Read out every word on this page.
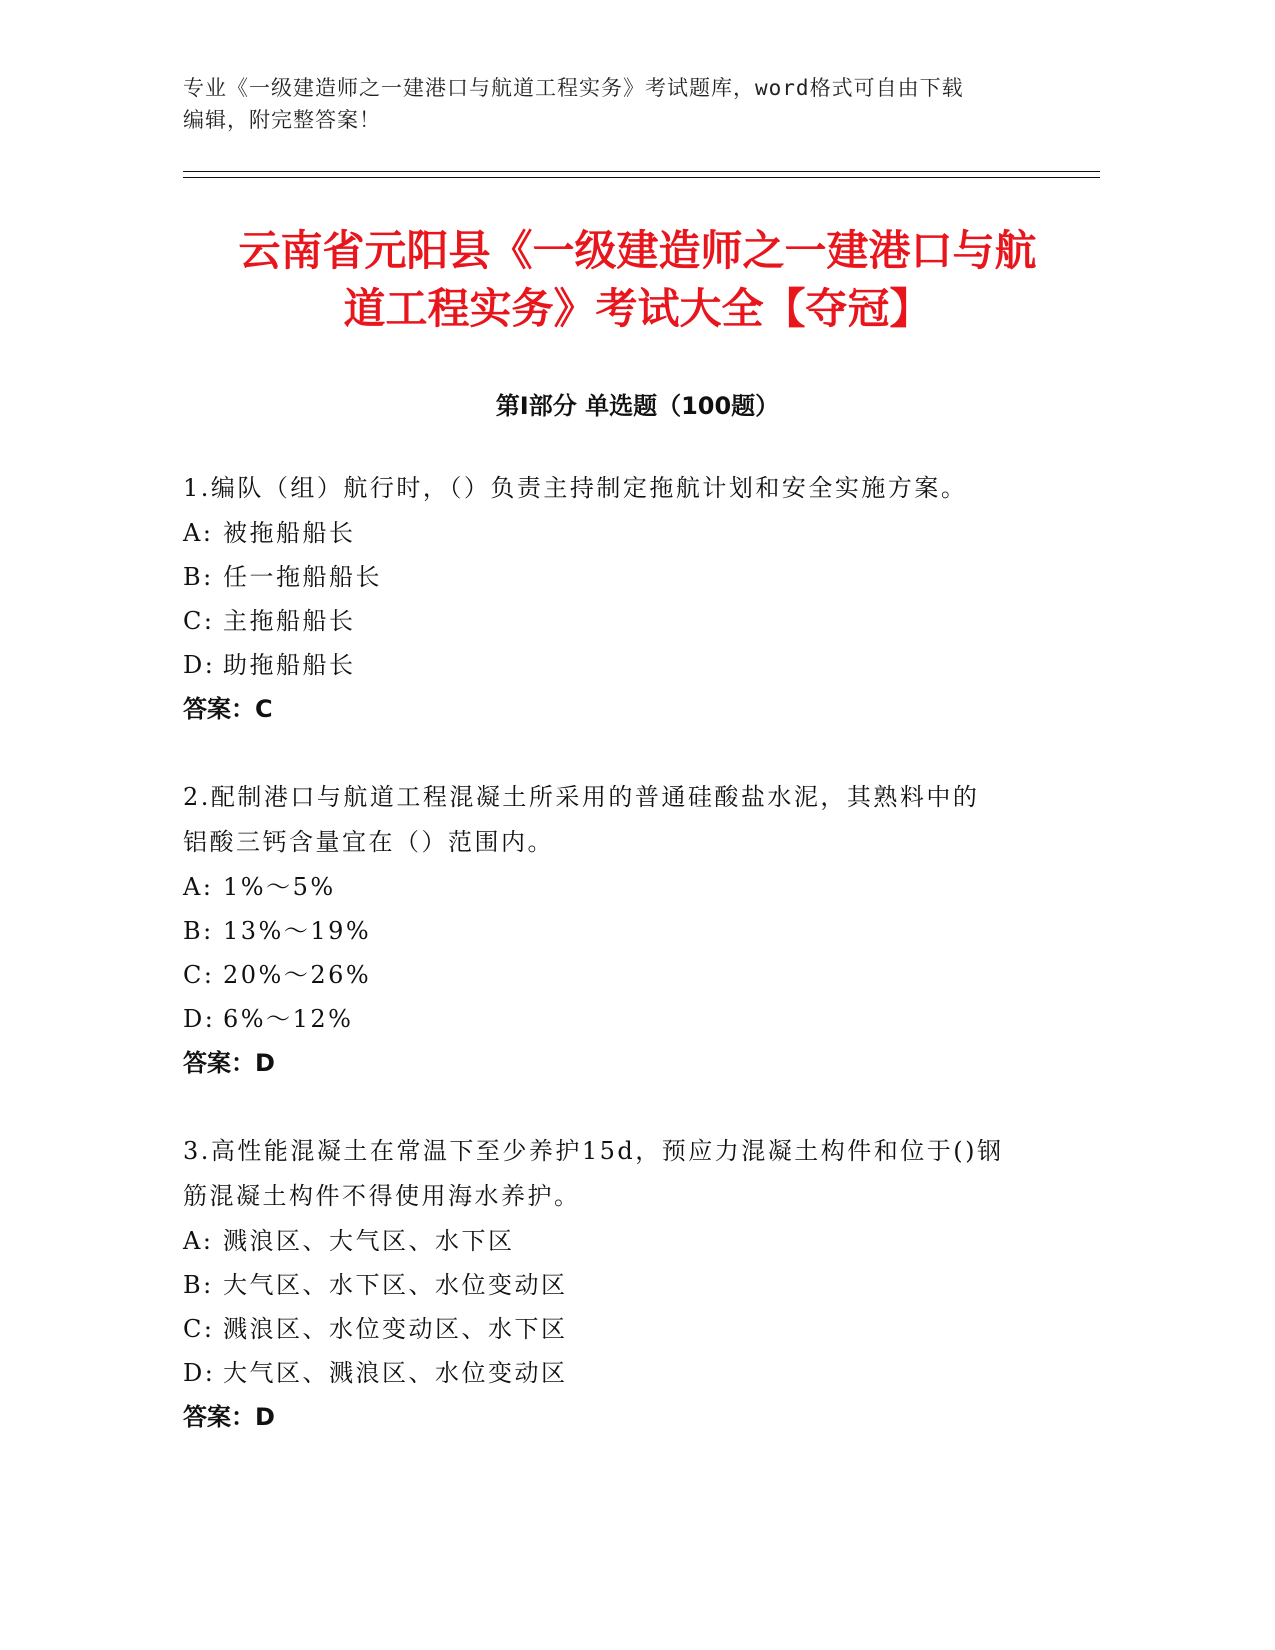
专业《一级建造师之一建港口与航道工程实务》考试题库，word格式可自由下载
编辑，附完整答案！
云南省元阳县《一级建造师之一建港口与航
道工程实务》考试大全【夺冠】
第Ⅰ部分 单选题（100题）

1.编队（组）航行时，（）负责主持制定拖航计划和安全实施方案。

A: 被拖船船长

B: 任一拖船船长

C: 主拖船船长

D: 助拖船船长

答案：C

2.配制港口与航道工程混凝土所采用的普通硅酸盐水泥，其熟料中的

铝酸三钙含量宜在（）范围内。

A: 1%～5%

B: 13%～19%

C: 20%～26%

D: 6%～12%

答案：D

3.高性能混凝土在常温下至少养护15d，预应力混凝土构件和位于()钢

筋混凝土构件不得使用海水养护。

A: 溅浪区、大气区、水下区

B: 大气区、水下区、水位变动区

C: 溅浪区、水位变动区、水下区

D: 大气区、溅浪区、水位变动区

答案：D
